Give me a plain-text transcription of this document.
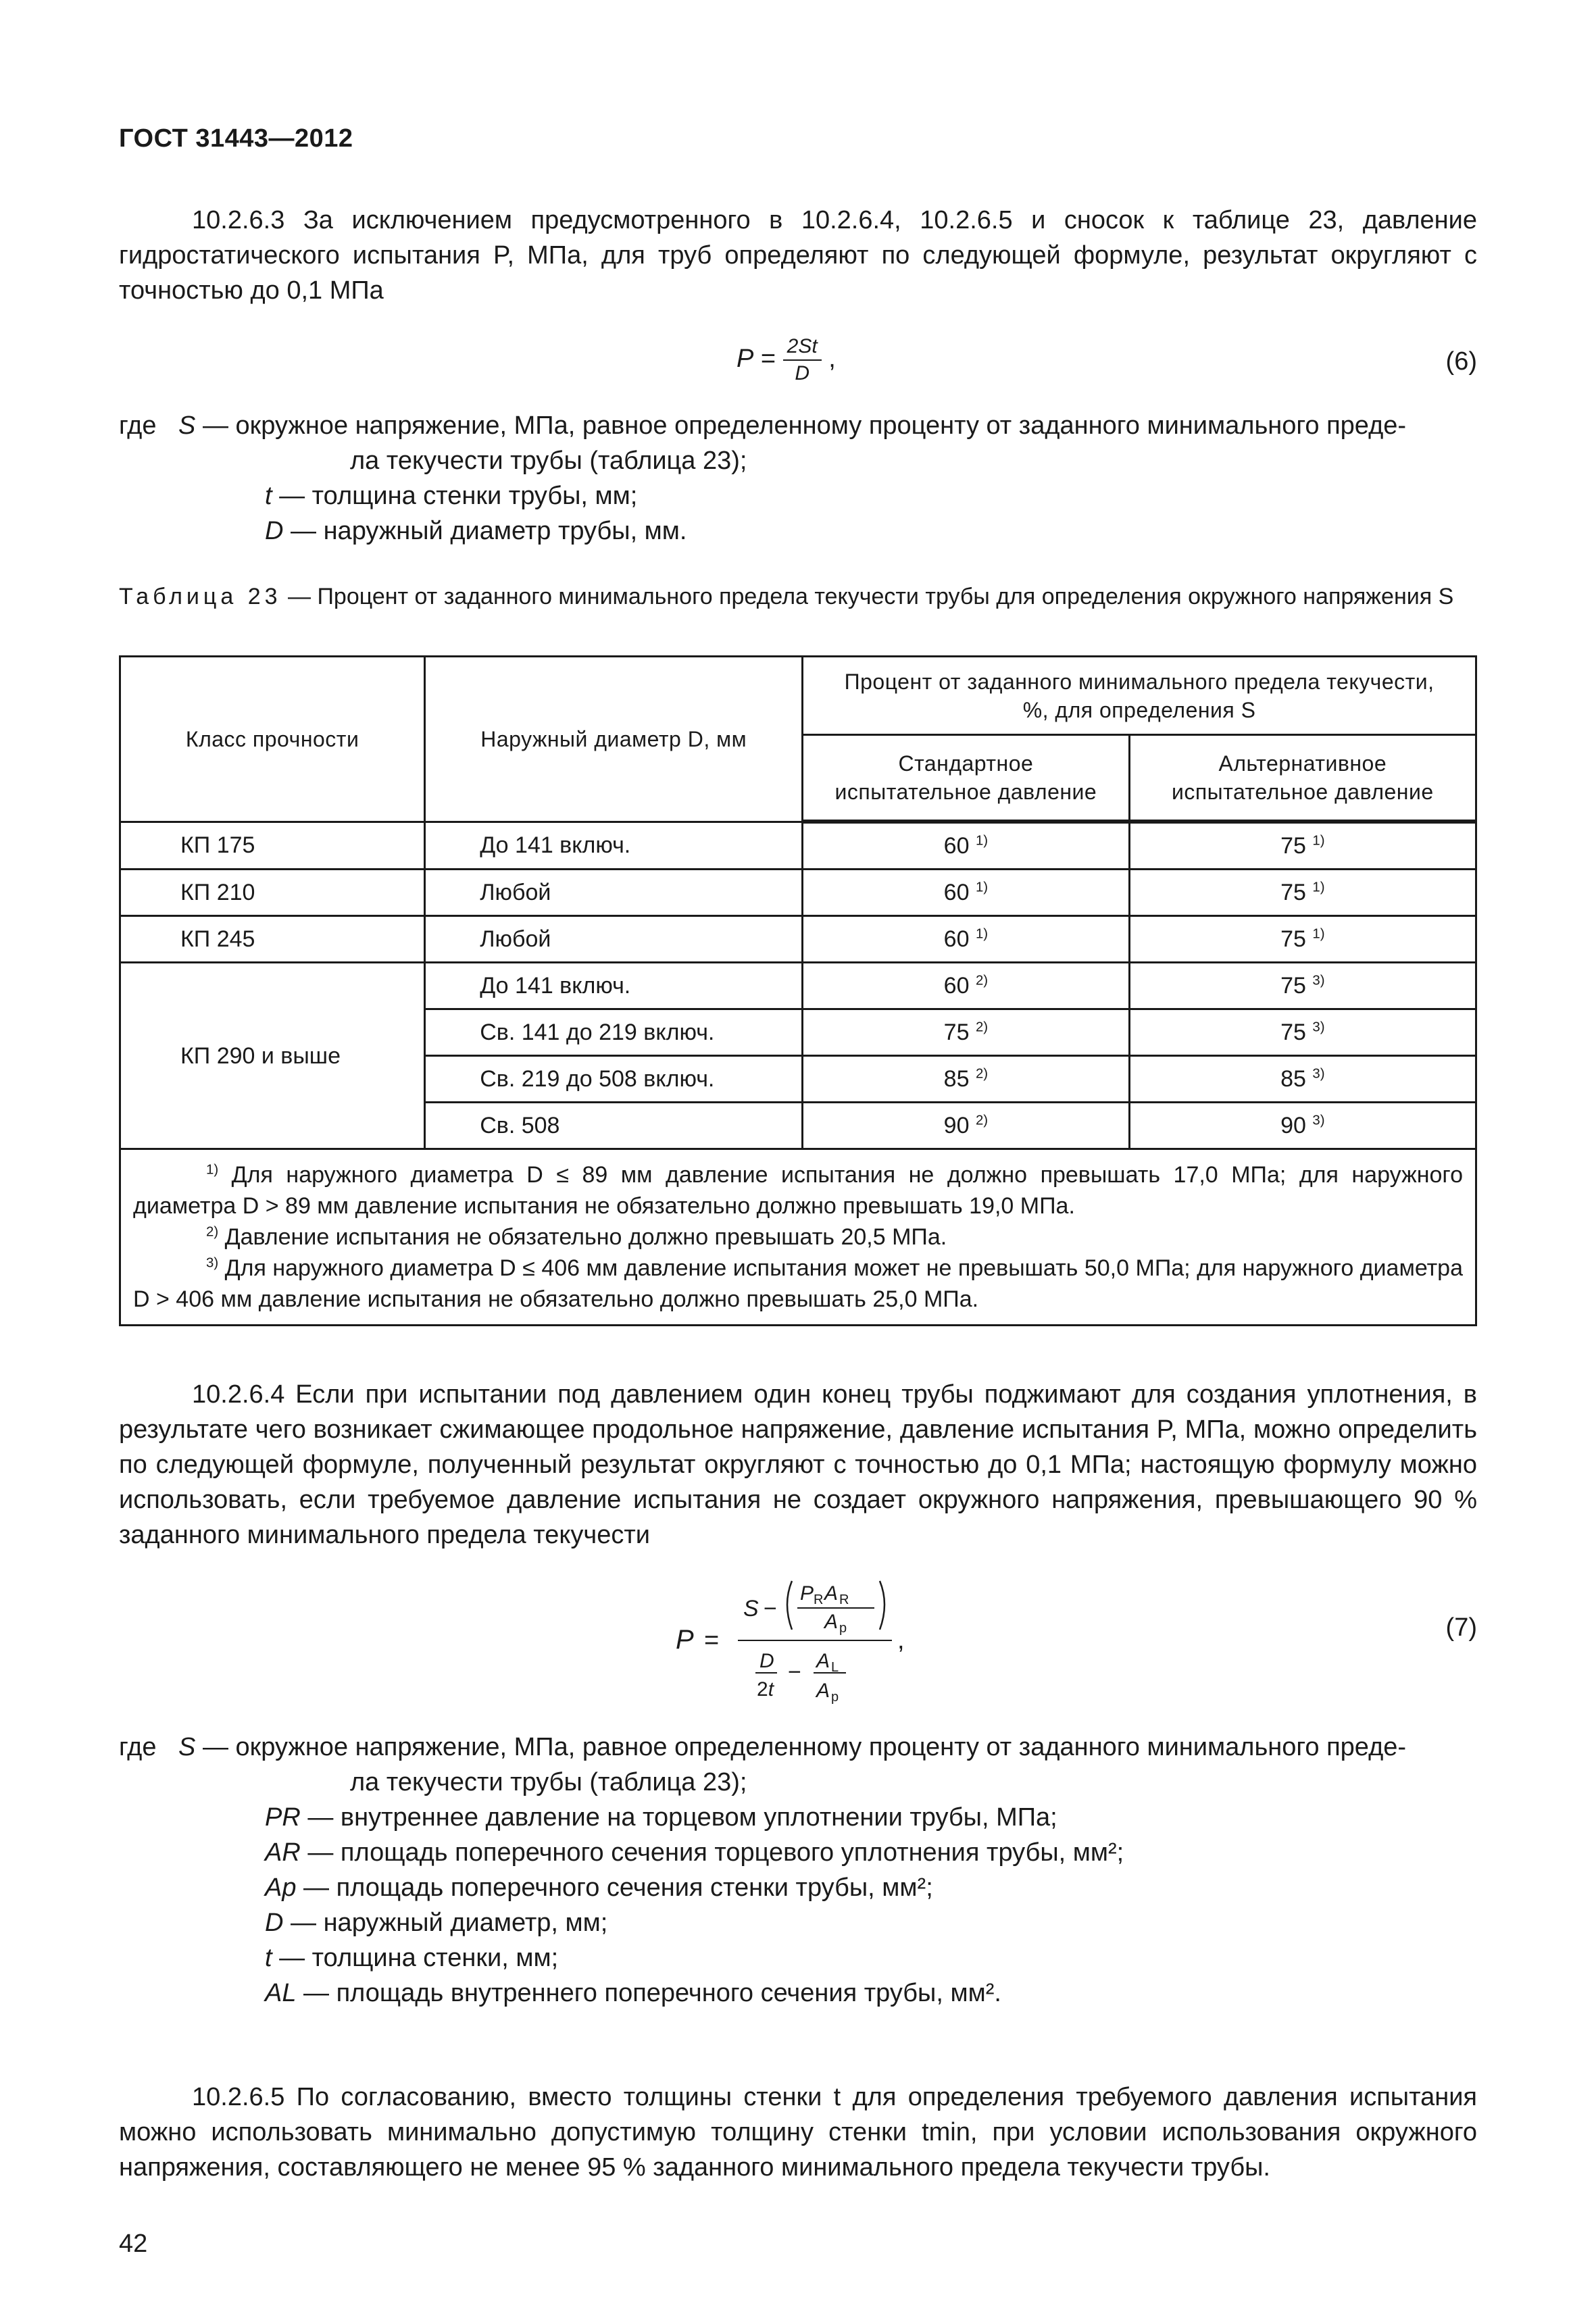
ГОСТ 31443—2012
10.2.6.3 За исключением предусмотренного в 10.2.6.4, 10.2.6.5 и сносок к таблице 23, давление гидростатического испытания P, МПа, для труб определяют по следующей формуле, результат округляют с точностью до 0,1 МПа
$P = \frac{2St}{D}$ ,	(6)
где S — окружное напряжение, МПа, равное определенному проценту от заданного минимального преде-
ла текучести трубы (таблица 23);
t — толщина стенки трубы, мм;
D — наружный диаметр трубы, мм.
Таблица 23 — Процент от заданного минимального предела текучести трубы для определения окружного напряжения S
Класс прочности	Наружный диаметр D, мм	Процент от заданного минимального предела текучести, %, для определения S	
		Стандартное испытательное давление	Альтернативное испытательное давление
КП 175	До 141 включ.	60 $^{1)}$	75 $^{1)}$
КП 210	Любой	60 $^{1)}$	75 $^{1)}$
КП 245	Любой	60 $^{1)}$	75 $^{1)}$
КП 290 и выше	До 141 включ.	60 $^{2)}$	75 $^{3)}$
	Св. 141 до 219 включ.	75 $^{2)}$	75 $^{3)}$
	Св. 219 до 508 включ.	85 $^{2)}$	85 $^{3)}$
	Св. 508	90 $^{2)}$	90 $^{3)}$

$^{1)}$ Для наружного диаметра D ≤ 89 мм давление испытания не должно превышать 17,0 МПа; для наружного диаметра D > 89 мм давление испытания не обязательно должно превышать 19,0 МПа.
$^{2)}$ Давление испытания не обязательно должно превышать 20,5 МПа.
$^{3)}$ Для наружного диаметра D ≤ 406 мм давление испытания может не превышать 50,0 МПа; для наружного диаметра D > 406 мм давление испытания не обязательно должно превышать 25,0 МПа.			
10.2.6.4 Если при испытании под давлением один конец трубы поджимают для создания уплотнения, в результате чего возникает сжимающее продольное напряжение, давление испытания P, МПа, можно определить по следующей формуле, полученный результат округляют с точностью до 0,1 МПа; настоящую формулу можно использовать, если требуемое давление испытания не создает окружного напряжения, превышающего 90 % заданного минимального предела текучести
P =
S −
P R A R
A p
D
2t
− A L
A p
,	(7)
где S — окружное напряжение, МПа, равное определенному проценту от заданного минимального преде-
ла текучести трубы (таблица 23);
PR — внутреннее давление на торцевом уплотнении трубы, МПа;
AR — площадь поперечного сечения торцевого уплотнения трубы, мм²;
Ap — площадь поперечного сечения стенки трубы, мм²;
D — наружный диаметр, мм;
t — толщина стенки, мм;
AL — площадь внутреннего поперечного сечения трубы, мм².
10.2.6.5 По согласованию, вместо толщины стенки t для определения требуемого давления испытания можно использовать минимально допустимую толщину стенки tmin, при условии использования окружного напряжения, составляющего не менее 95 % заданного минимального предела текучести трубы.
42
